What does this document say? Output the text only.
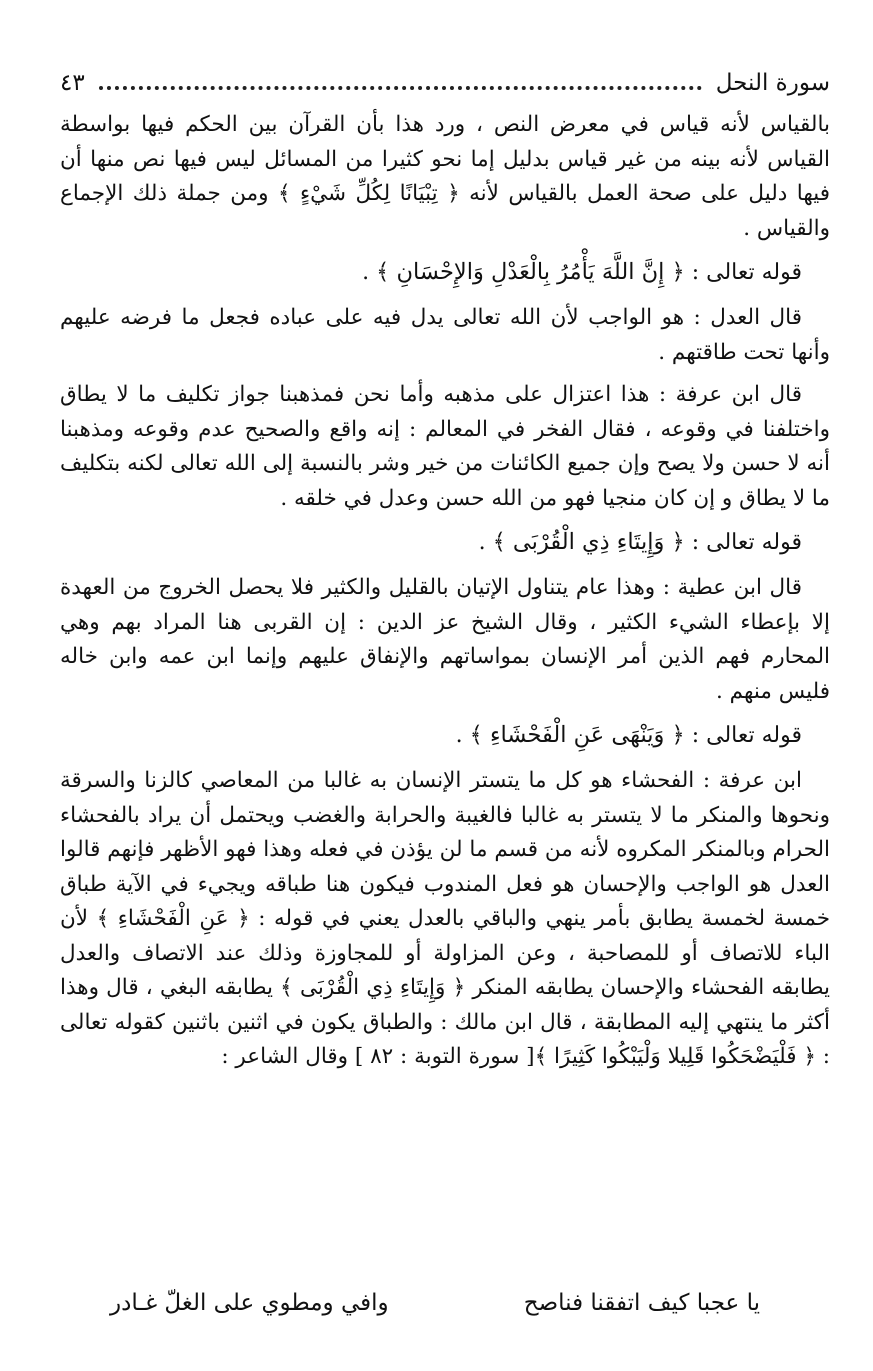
سورة النحل
٤٣

بالقياس لأنه قياس في معرض النص ، ورد هذا بأن القرآن بين الحكم فيها بواسطة القياس لأنه بينه من غير قياس بدليل إما نحو كثيرا من المسائل ليس فيها نص منها أن فيها دليل على صحة العمل بالقياس لأنه ﴿ تِبْيَانًا لِكُلِّ شَيْءٍ ﴾ ومن جملة ذلك الإجماع والقياس .

قوله تعالى : ﴿ إِنَّ اللَّهَ يَأْمُرُ بِالْعَدْلِ وَالإِحْسَانِ ﴾ .

قال العدل : هو الواجب لأن الله تعالى يدل فيه على عباده فجعل ما فرضه عليهم وأنها تحت طاقتهم .

قال ابن عرفة : هذا اعتزال على مذهبه وأما نحن فمذهبنا جواز تكليف ما لا يطاق واختلفنا في وقوعه ، فقال الفخر في المعالم : إنه واقع والصحيح عدم وقوعه ومذهبنا أنه لا حسن ولا يصح وإن جميع الكائنات من خير وشر بالنسبة إلى الله تعالى لكنه بتكليف ما لا يطاق و إن كان منجيا فهو من الله حسن وعدل في خلقه .

قوله تعالى : ﴿ وَإِيتَاءِ ذِي الْقُرْبَى ﴾ .

قال ابن عطية : وهذا عام يتناول الإتيان بالقليل والكثير فلا يحصل الخروج من العهدة إلا بإعطاء الشيء الكثير ، وقال الشيخ عز الدين : إن القربى هنا المراد بهم وهي المحارم فهم الذين أمر الإنسان بمواساتهم والإنفاق عليهم وإنما ابن عمه وابن خاله فليس منهم .

قوله تعالى : ﴿ وَيَنْهَى عَنِ الْفَحْشَاءِ ﴾ .

ابن عرفة : الفحشاء هو كل ما يتستر الإنسان به غالبا من المعاصي كالزنا والسرقة ونحوها والمنكر ما لا يتستر به غالبا فالغيبة والحرابة والغضب ويحتمل أن يراد بالفحشاء الحرام وبالمنكر المكروه لأنه من قسم ما لن يؤذن في فعله وهذا فهو الأظهر فإنهم قالوا العدل هو الواجب والإحسان هو فعل المندوب فيكون هنا طباقه ويجيء في الآية طباق خمسة لخمسة يطابق بأمر ينهي والباقي بالعدل يعني في قوله : ﴿ عَنِ الْفَحْشَاءِ ﴾ لأن الباء للاتصاف أو للمصاحبة ، وعن المزاولة أو للمجاوزة وذلك عند الاتصاف والعدل يطابقه الفحشاء والإحسان يطابقه المنكر ﴿ وَإِيتَاءِ ذِي الْقُرْبَى ﴾ يطابقه البغي ، قال وهذا أكثر ما ينتهي إليه المطابقة ، قال ابن مالك : والطباق يكون في اثنين باثنين كقوله تعالى : ﴿ فَلْيَضْحَكُوا قَلِيلا وَلْيَبْكُوا كَثِيرًا ﴾[ سورة التوبة : ٨٢ ] وقال الشاعر :

يا عجبا كيف اتفقنا فناصح
وافي ومطوي على الغلّ غـادر
